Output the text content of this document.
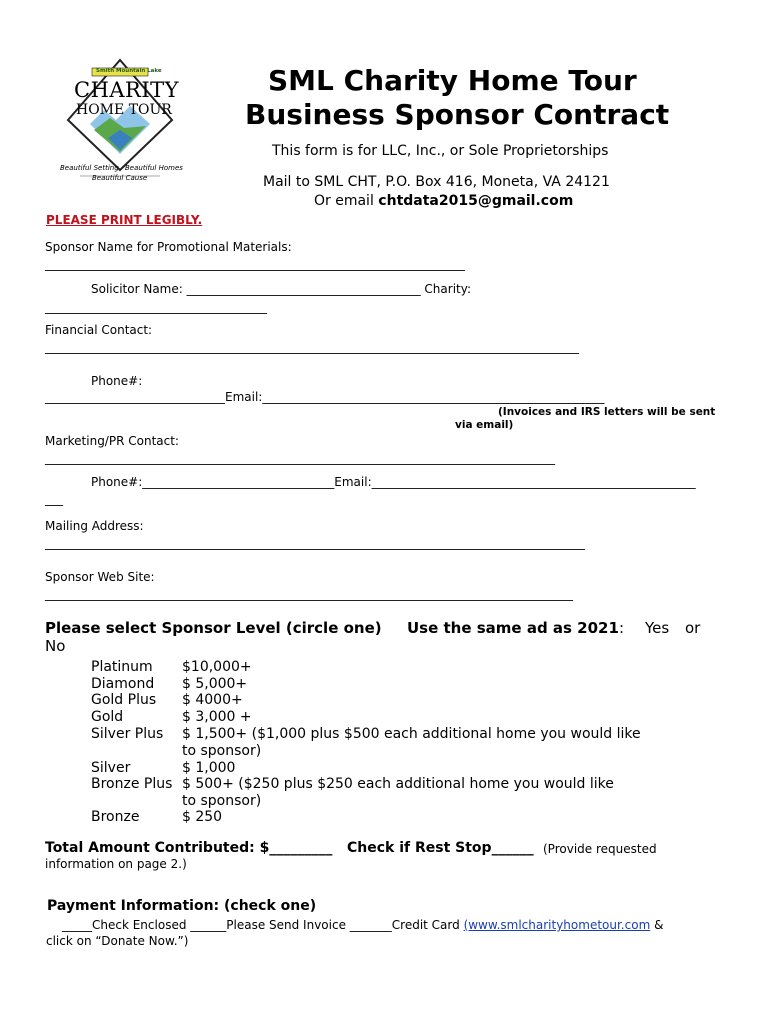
Smith Mountain Lake
CHARITY
HOME TOUR
Beautiful Setting Beautiful Homes
Beautiful Cause
SML Charity Home Tour
Business Sponsor Contract
This form is for LLC, Inc., or Sole Proprietorships
Mail to SML CHT, P.O. Box 416, Moneta, VA 24121
Or email chtdata2015@gmail.com
PLEASE PRINT LEGIBLY.
Sponsor Name for Promotional Materials:
______________________________________________________________________
Solicitor Name: _______________________________________ Charity:
_____________________________________
Financial Contact:
_________________________________________________________________________________________
Phone#:
______________________________Email:_________________________________________________________
(Invoices and IRS letters will be sent
via email)
Marketing/PR Contact:
_____________________________________________________________________________________
Phone#:________________________________Email:______________________________________________________
___
Mailing Address:
__________________________________________________________________________________________
Sponsor Web Site:
________________________________________________________________________________________
Please select Sponsor Level (circle one) Use the same ad as 2021: Yes or
No
Platinum $10,000+
Diamond $ 5,000+
Gold Plus $ 4000+
Gold	$ 3,000 +
Silver Plus $ 1,500+ ($1,000 plus $500 each additional home you would like
to sponsor)
Silver	$ 1,000
Bronze Plus $ 500+ ($250 plus $250 each additional home you would like
to sponsor)
Bronze	$ 250
Total Amount Contributed: $_________ Check if Rest Stop______ (Provide requested
information on page 2.)
Payment Information: (check one)
_____Check Enclosed ______Please Send Invoice _______Credit Card (www.smlcharityhometour.com &
click on “Donate Now.”)
